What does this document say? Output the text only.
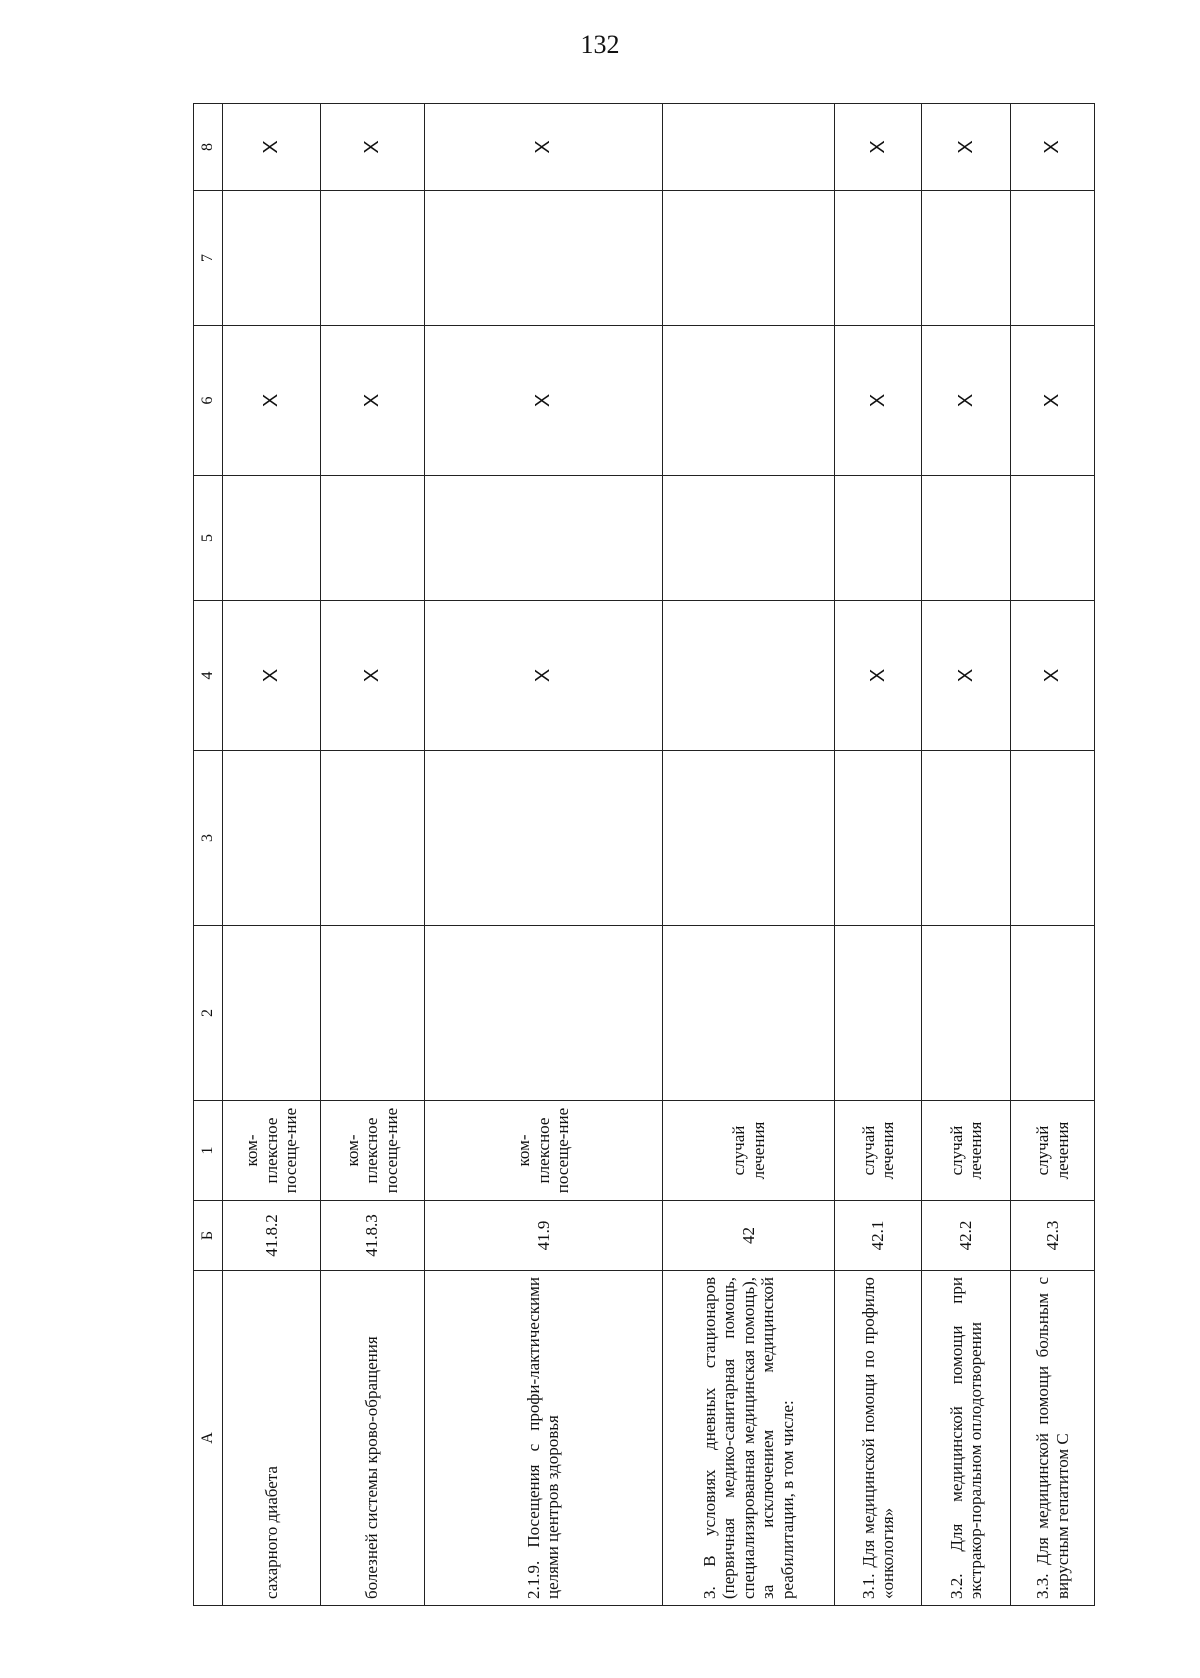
132
А	Б	1	2	3	4	5	6	7	8
сахарного диабета	41.8.2	ком-плексное посеще-ние			Х		Х		Х
болезней системы крово-обращения	41.8.3	ком-плексное посеще-ние			Х		Х		Х
2.1.9. Посещения с профи-лактическими целями центров здоровья	41.9	ком-плексное посеще-ние			Х		Х		Х
3. В условиях дневных стационаров (первичная медико-санитарная помощь, специализированная медицинская помощь), за исключением медицинской реабилитации, в том числе:	42	случай лечения							
3.1. Для медицинской помощи по профилю «онкология»	42.1	случай лечения			Х		Х		Х
3.2. Для медицинской помощи при экстракор-поральном оплодотворении	42.2	случай лечения			Х		Х		Х
3.3. Для медицинской помощи больным с вирусным гепатитом С	42.3	случай лечения			Х		Х		Х
